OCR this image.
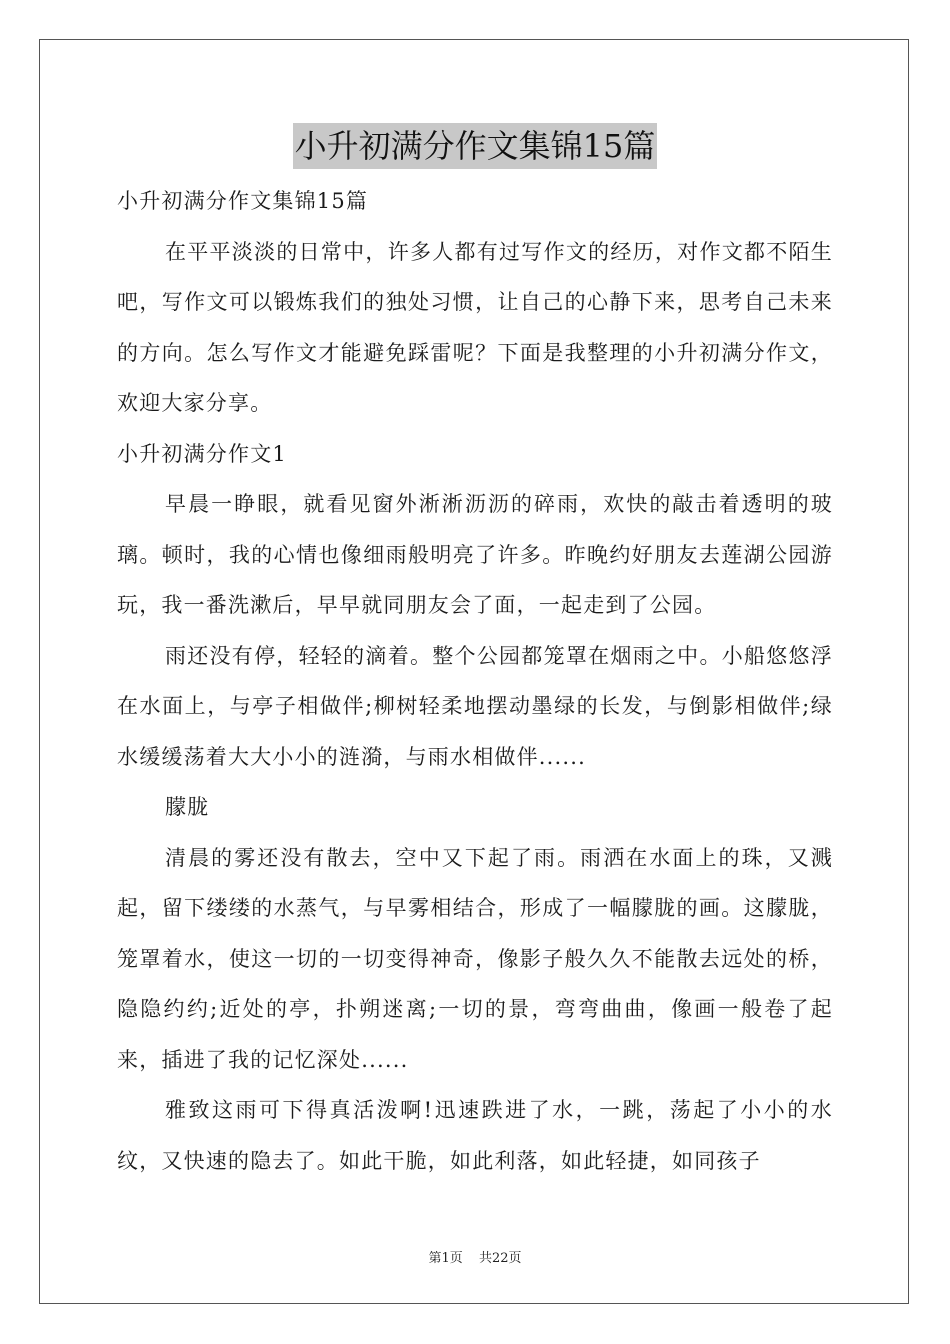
小升初满分作文集锦15篇
小升初满分作文集锦15篇
在平平淡淡的日常中，许多人都有过写作文的经历，对作文都不陌生吧，写作文可以锻炼我们的独处习惯，让自己的心静下来，思考自己未来的方向。怎么写作文才能避免踩雷呢？下面是我整理的小升初满分作文，欢迎大家分享。
小升初满分作文1
早晨一睁眼，就看见窗外淅淅沥沥的碎雨，欢快的敲击着透明的玻璃。顿时，我的心情也像细雨般明亮了许多。昨晚约好朋友去莲湖公园游玩，我一番洗漱后，早早就同朋友会了面，一起走到了公园。
雨还没有停，轻轻的滴着。整个公园都笼罩在烟雨之中。小船悠悠浮在水面上，与亭子相做伴;柳树轻柔地摆动墨绿的长发，与倒影相做伴;绿水缓缓荡着大大小小的涟漪，与雨水相做伴......
朦胧
清晨的雾还没有散去，空中又下起了雨。雨洒在水面上的珠，又溅起，留下缕缕的水蒸气，与早雾相结合，形成了一幅朦胧的画。这朦胧，笼罩着水，使这一切的一切变得神奇，像影子般久久不能散去远处的桥，隐隐约约;近处的亭，扑朔迷离;一切的景，弯弯曲曲，像画一般卷了起来，插进了我的记忆深处......
雅致这雨可下得真活泼啊!迅速跌进了水，一跳，荡起了小小的水纹，又快速的隐去了。如此干脆，如此利落，如此轻捷，如同孩子
第1页 共22页
